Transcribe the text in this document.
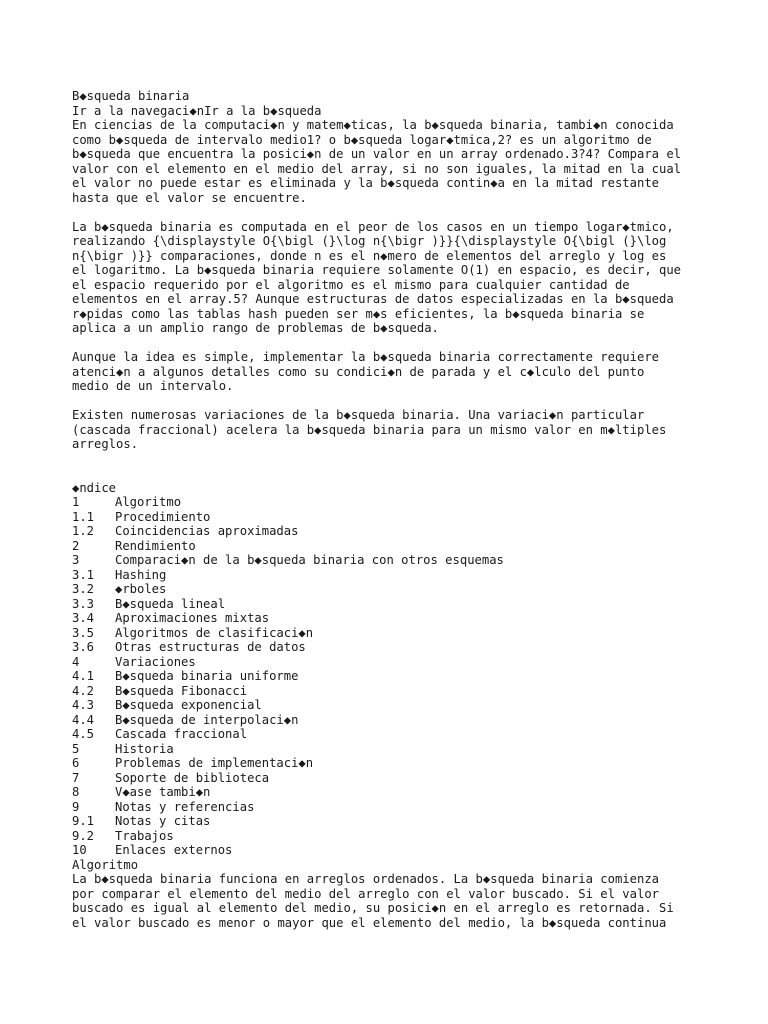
B◆squeda binaria
Ir a la navegaci◆nIr a la b◆squeda
En ciencias de la computaci◆n y matem◆ticas, la b◆squeda binaria, tambi◆n conocida
como b◆squeda de intervalo medio1? o b◆squeda logar◆tmica,2? es un algoritmo de
b◆squeda que encuentra la posici◆n de un valor en un array ordenado.3?4? Compara el
valor con el elemento en el medio del array, si no son iguales, la mitad en la cual
el valor no puede estar es eliminada y la b◆squeda contin◆a en la mitad restante
hasta que el valor se encuentre.
La b◆squeda binaria es computada en el peor de los casos en un tiempo logar◆tmico,
realizando {\displaystyle O{\bigl (}\log n{\bigr )}}{\displaystyle O{\bigl (}\log
n{\bigr )}} comparaciones, donde n es el n◆mero de elementos del arreglo y log es
el logaritmo. La b◆squeda binaria requiere solamente O(1) en espacio, es decir, que
el espacio requerido por el algoritmo es el mismo para cualquier cantidad de
elementos en el array.5? Aunque estructuras de datos especializadas en la b◆squeda
r◆pidas como las tablas hash pueden ser m◆s eficientes, la b◆squeda binaria se
aplica a un amplio rango de problemas de b◆squeda.
Aunque la idea es simple, implementar la b◆squeda binaria correctamente requiere
atenci◆n a algunos detalles como su condici◆n de parada y el c◆lculo del punto
medio de un intervalo.
Existen numerosas variaciones de la b◆squeda binaria. Una variaci◆n particular
(cascada fraccional) acelera la b◆squeda binaria para un mismo valor en m◆ltiples
arreglos.
◆ndice
1	Algoritmo
1.1	Procedimiento
1.2	Coincidencias aproximadas
2	Rendimiento
3	Comparaci◆n de la b◆squeda binaria con otros esquemas
3.1	Hashing
3.2	◆rboles
3.3	B◆squeda lineal
3.4	Aproximaciones mixtas
3.5	Algoritmos de clasificaci◆n
3.6	Otras estructuras de datos
4	Variaciones
4.1	B◆squeda binaria uniforme
4.2	B◆squeda Fibonacci
4.3	B◆squeda exponencial
4.4	B◆squeda de interpolaci◆n
4.5	Cascada fraccional
5	Historia
6	Problemas de implementaci◆n
7	Soporte de biblioteca
8	V◆ase tambi◆n
9	Notas y referencias
9.1	Notas y citas
9.2	Trabajos
10	Enlaces externos
Algoritmo
La b◆squeda binaria funciona en arreglos ordenados. La b◆squeda binaria comienza
por comparar el elemento del medio del arreglo con el valor buscado. Si el valor
buscado es igual al elemento del medio, su posici◆n en el arreglo es retornada. Si
el valor buscado es menor o mayor que el elemento del medio, la b◆squeda continua
